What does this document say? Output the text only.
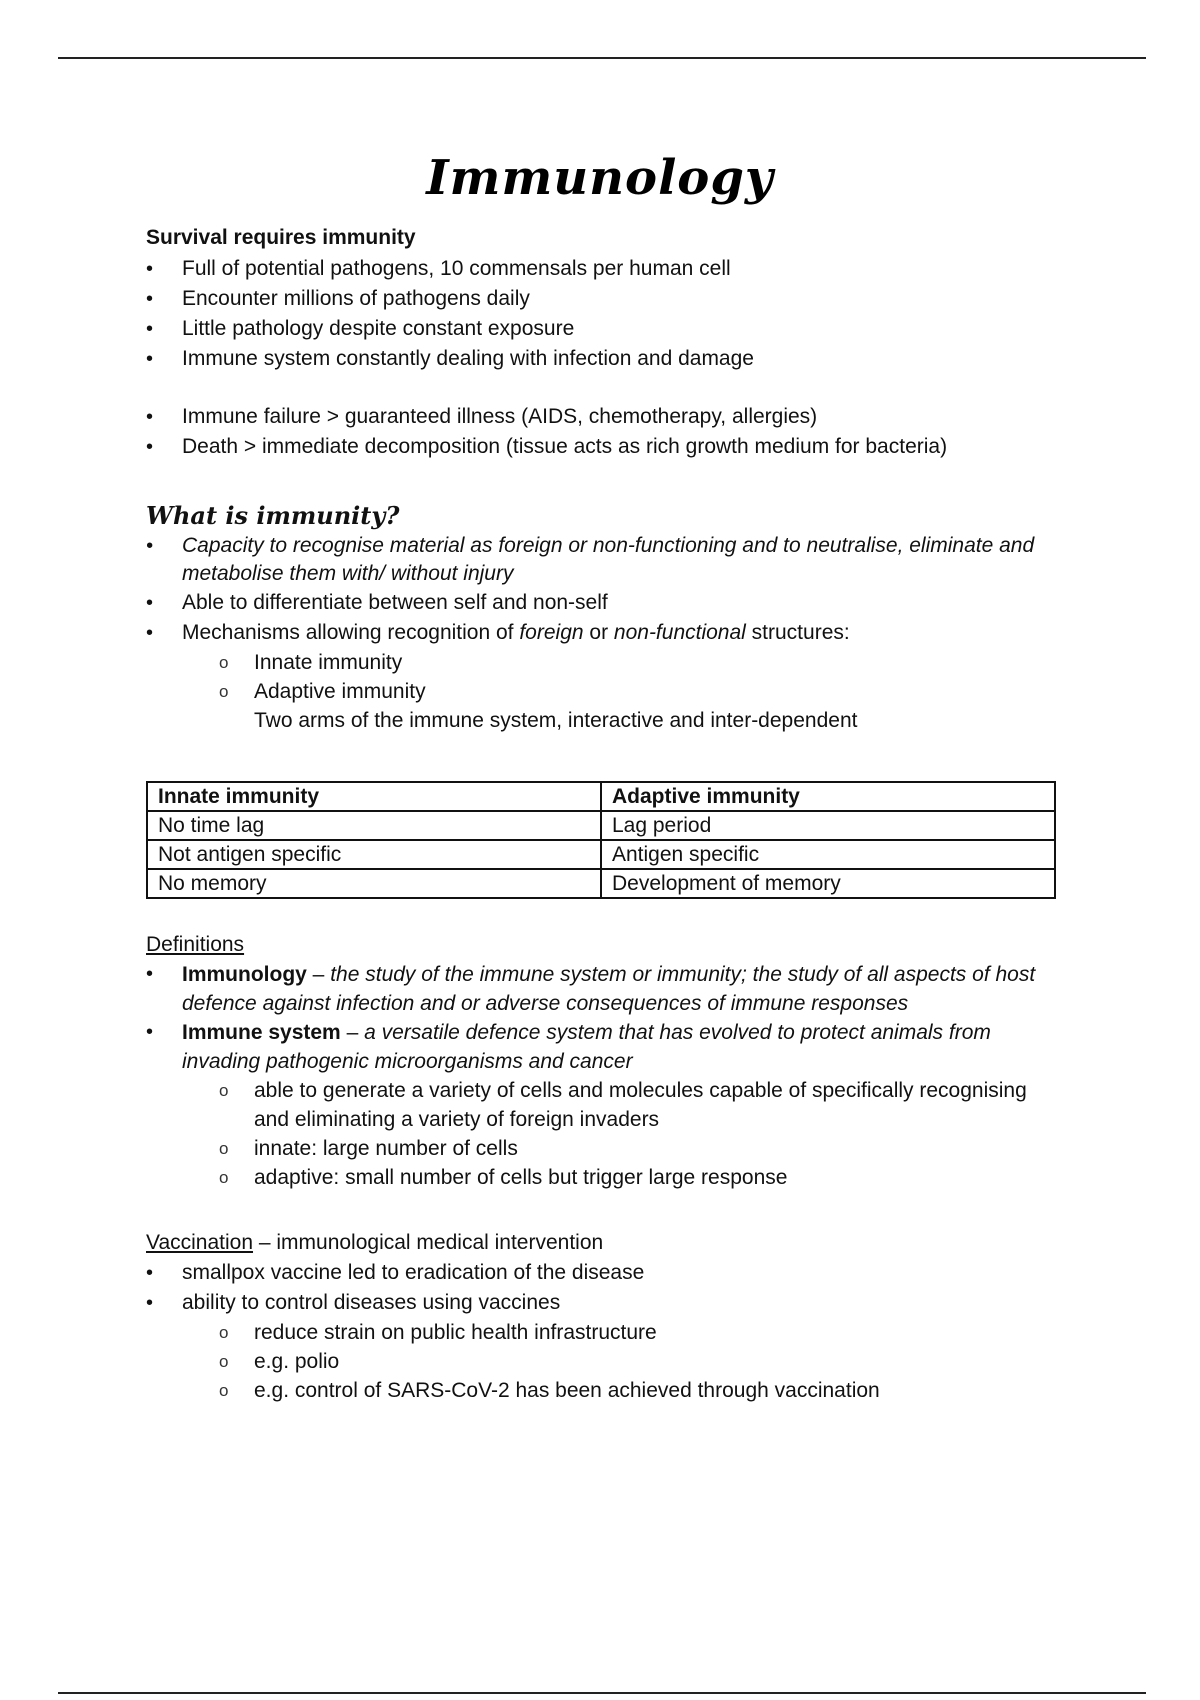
Immunology

Survival requires immunity

• Full of potential pathogens, 10 commensals per human cell
• Encounter millions of pathogens daily
• Little pathology despite constant exposure
• Immune system constantly dealing with infection and damage
• Immune failure > guaranteed illness (AIDS, chemotherapy, allergies)
• Death > immediate decomposition (tissue acts as rich growth medium for bacteria)

What is immunity?

• Capacity to recognise material as foreign or non-functioning and to neutralise, eliminate and metabolise them with/ without injury
• Able to differentiate between self and non-self
• Mechanisms allowing recognition of foreign or non-functional structures:
o Innate immunity
o Adaptive immunity
Two arms of the immune system, interactive and inter-dependent
Innate immunity	Adaptive immunity
No time lag	Lag period
Not antigen specific	Antigen specific
No memory	Development of memory

Definitions

• Immunology – the study of the immune system or immunity; the study of all aspects of host defence against infection and or adverse consequences of immune responses
• Immune system – a versatile defence system that has evolved to protect animals from invading pathogenic microorganisms and cancer
o able to generate a variety of cells and molecules capable of specifically recognising and eliminating a variety of foreign invaders
o innate: large number of cells
o adaptive: small number of cells but trigger large response

Vaccination – immunological medical intervention

• smallpox vaccine led to eradication of the disease
• ability to control diseases using vaccines
o reduce strain on public health infrastructure
o e.g. polio
o e.g. control of SARS-CoV-2 has been achieved through vaccination
